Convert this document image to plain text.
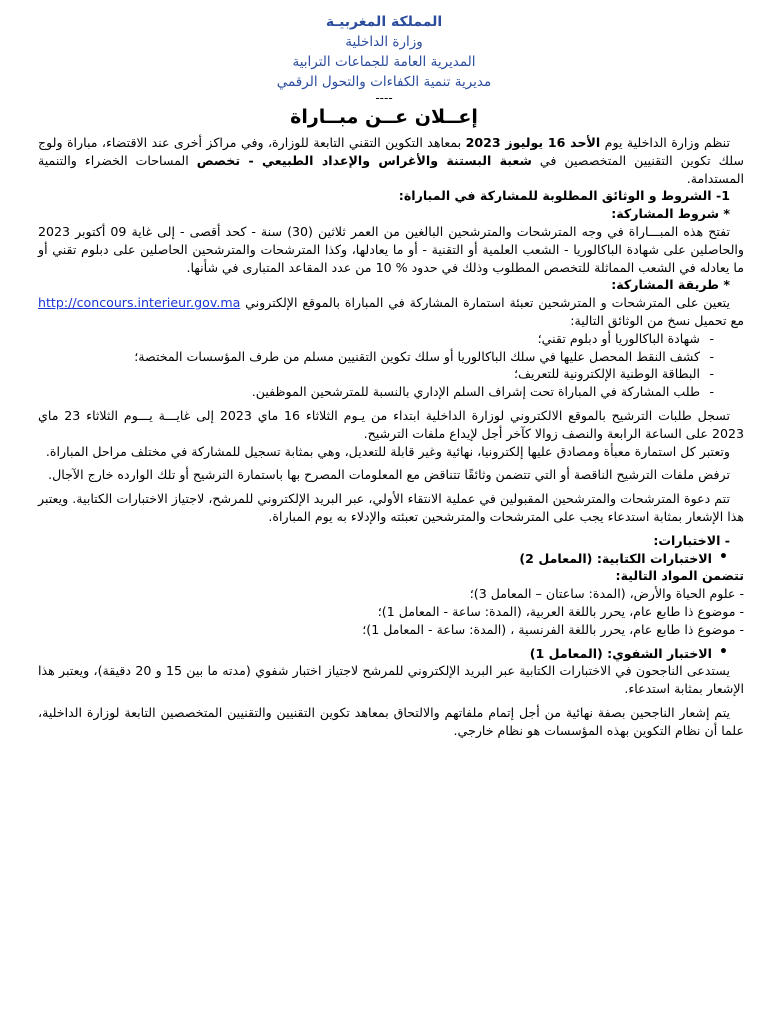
المملكة المغربيـة
وزارة الداخلية
المديرية العامة للجماعات الترابية
مديرية تنمية الكفاءات والتحول الرقمي
----
إعــلان عــن مبــاراة

تنظم وزارة الداخلية يوم الأحد 16 يوليوز 2023 بمعاهد التكوين التقني التابعة للوزارة، وفي مراكز أخرى عند الاقتضاء، مباراة ولوج سلك تكوين التقنيين المتخصصين في شعبة البستنة والأغراس والإعداد الطبيعي - تخصص المساحات الخضراء والتنمية المستدامة.

1- الشروط و الوثائق المطلوبة للمشاركة في المباراة:
* شروط المشاركة:

تفتح هذه المبـــاراة في وجه المترشحات والمترشحين البالغين من العمر ثلاثين (30) سنة - كحد أقصى - إلى غاية 09 أكتوبر 2023 والحاصلين على شهادة الباكالوريا - الشعب العلمية أو التقنية - أو ما يعادلها، وكذا المترشحات والمترشحين الحاصلين على دبلوم تقني أو ما يعادله في الشعب المماثلة للتخصص المطلوب وذلك في حدود % 10 من عدد المقاعد المتبارى في شأنها.

* طريقة المشاركة:

يتعين على المترشحات و المترشحين تعبئة استمارة المشاركة في المباراة بالموقع الإلكتروني http://concours.interieur.gov.ma مع تحميل نسخ من الوثائق التالية:

- شهادة الباكالوريا أو دبلوم تقني؛
- كشف النقط المحصل عليها في سلك الباكالوريا أو سلك تكوين التقنيين مسلم من طرف المؤسسات المختصة؛
- البطاقة الوطنية الإلكترونية للتعريف؛
- طلب المشاركة في المباراة تحت إشراف السلم الإداري بالنسبة للمترشحين الموظفين.

تسجل طلبات الترشيح بالموقع الالكتروني لوزارة الداخلية ابتداء من يـوم الثلاثاء 16 ماي 2023 إلى غايـــة يـــوم الثلاثاء 23 ماي 2023 على الساعة الرابعة والنصف زوالا كآخر أجل لإيداع ملفات الترشيح.

وتعتبر كل استمارة معبأة ومصادق عليها إلكترونيا، نهائية وغير قابلة للتعديل، وهي بمثابة تسجيل للمشاركة في مختلف مراحل المباراة.

ترفض ملفات الترشيح الناقصة أو التي تتضمن وثائقًا تتناقض مع المعلومات المصرح بها باستمارة الترشيح أو تلك الوارده خارج الآجال.

تتم دعوة المترشحات والمترشحين المقبولين في عملية الانتقاء الأولي، عبر البريد الإلكتروني للمرشح، لاجتياز الاختبارات الكتابية. ويعتبر هذا الإشعار بمثابة استدعاء يجب على المترشحات والمترشحين تعبئته والإدلاء به يوم المباراة.

- الاختبارات:
• الاختبارات الكتابية: (المعامل 2)
تتضمن المواد التالية:
- علوم الحياة والأرض، (المدة: ساعتان – المعامل 3)؛
- موضوع ذا طابع عام، يحرر باللغة العربية، (المدة: ساعة - المعامل 1)؛
- موضوع ذا طابع عام، يحرر باللغة الفرنسية ، (المدة: ساعة - المعامل 1)؛
• الاختبار الشفوي: (المعامل 1)

يستدعى الناجحون في الاختبارات الكتابية عبر البريد الإلكتروني للمرشح لاجتياز اختبار شفوي (مدته ما بين 15 و 20 دقيقة)، ويعتبر هذا الإشعار بمثابة استدعاء.

يتم إشعار الناجحين بصفة نهائية من أجل إتمام ملفاتهم والالتحاق بمعاهد تكوين التقنيين والتقنيين المتخصصين التابعة لوزارة الداخلية، علما أن نظام التكوين بهذه المؤسسات هو نظام خارجي.
